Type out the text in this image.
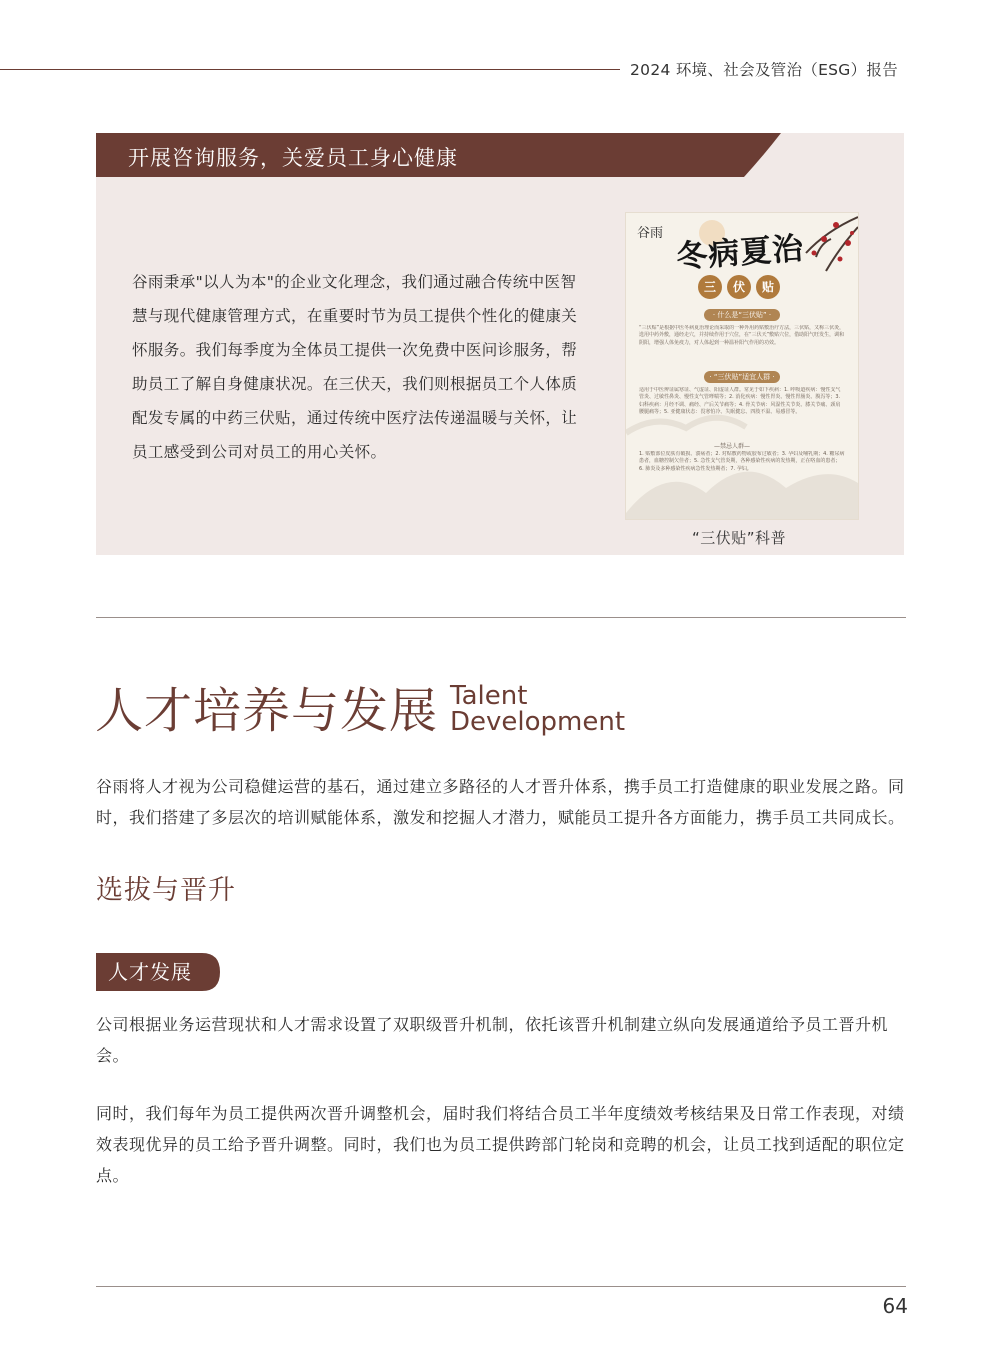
2024 环境、社会及管治（ESG）报告
开展咨询服务，关爱员工身心健康
谷雨秉承"以人为本"的企业文化理念，我们通过融合传统中医智慧与现代健康管理方式，在重要时节为员工提供个性化的健康关怀服务。我们每季度为全体员工提供一次免费中医问诊服务，帮助员工了解自身健康状况。在三伏天，我们则根据员工个人体质配发专属的中药三伏贴，通过传统中医疗法传递温暖与关怀，让员工感受到公司对员工的用心关怀。
谷雨 冬病夏治
三 伏 贴
· 什么是“三伏贴” ·
“三伏贴”是根据中医冬病夏治理论而采取的一种外用药贴敷治疗方法，三伏贴，又称三伏灸，选用中药外敷，通经走穴，并持续作用于穴位，在“三伏天”敷贴穴位，借助阳气旺发生，调和阴阳，增强人体免疫力，对人体起到一种温补阳气作用的功效。
· “三伏贴”适宜人群 ·
适用于中医辨证属寒证、气虚证、阳虚证人群。常见于如下疾病：1. 呼吸道疾病：慢性支气管炎、过敏性鼻炎、慢性支气管哮喘等；2. 消化疾病：慢性胃炎、慢性胃肠炎、腹泻等；3. 妇科疾病：月经不调、痛经、产后关节痛等；4. 骨关节病：风湿性关节炎、膝关节痛、颈肩腰腿痛等；5. 亚健康状态：畏寒怕冷、失眠健忘、四肢不温、易感冒等。
—禁忌人群—
1. 贴敷部位皮肤有破损、溃疡者；2. 对贴敷药物或胶布过敏者；3. 孕妇及哺乳期；4. 糖尿病患者，血糖控制欠佳者；5. 急性支气管炎期，各种感染性疾病的发热期，正在咯血的患者；6. 肺炎及多种感染性疾病急性发热期者；7. 孕妇。
“三伏贴”科普
人才培养与发展 Talent
Development
谷雨将人才视为公司稳健运营的基石，通过建立多路径的人才晋升体系，携手员工打造健康的职业发展之路。同时，我们搭建了多层次的培训赋能体系，激发和挖掘人才潜力，赋能员工提升各方面能力，携手员工共同成长。
选拔与晋升
人才发展
公司根据业务运营现状和人才需求设置了双职级晋升机制，依托该晋升机制建立纵向发展通道给予员工晋升机会。
同时，我们每年为员工提供两次晋升调整机会，届时我们将结合员工半年度绩效考核结果及日常工作表现，对绩效表现优异的员工给予晋升调整。同时，我们也为员工提供跨部门轮岗和竞聘的机会，让员工找到适配的职位定点。
64
